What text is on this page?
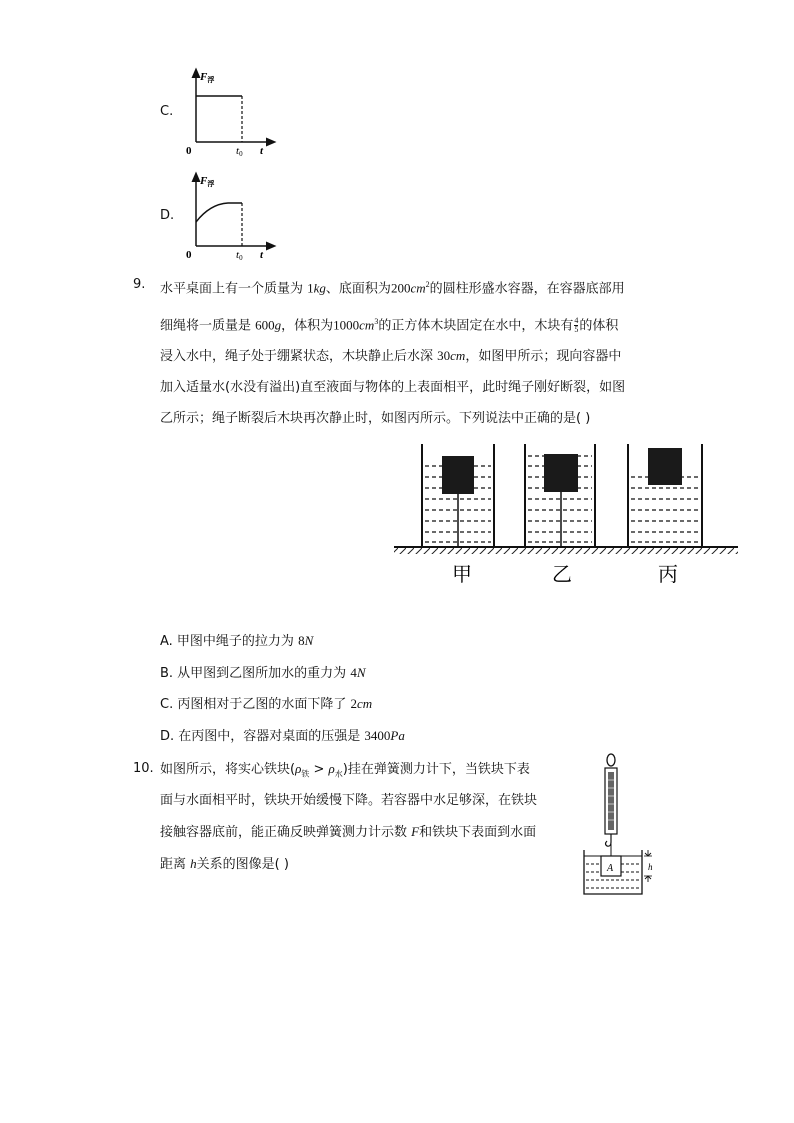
C.
F浮
0	t0 t
D.
F浮
0	t0 t
9. 水平桌面上有一个质量为 1kg、底面积为$200cm^2$的圆柱形盛水容器，在容器底部用
细绳将一质量是 600g，体积为$1000cm^3$的正方体木块固定在水中，木块有 $\frac{4}{5}$ 的体积
浸入水中，绳子处于绷紧状态，木块静止后水深 30cm，如图甲所示；现向容器中
加入适量水(水没有溢出)直至液面与物体的上表面相平，此时绳子刚好断裂，如图
乙所示；绳子断裂后木块再次静止时，如图丙所示。下列说法中正确的是( )
甲	乙	丙
A. 甲图中绳子的拉力为 8N
B. 从甲图到乙图所加水的重力为 4N
C. 丙图相对于乙图的水面下降了 2cm
D. 在丙图中，容器对桌面的压强是 3400Pa
10. 如图所示，将实心铁块$(\rho_铁 > \rho_水)$挂在弹簧测力计下，当铁块下表
面与水面相平时，铁块开始缓慢下降。若容器中水足够深，在铁块
接触容器底前，能正确反映弹簧测力计示数 F和铁块下表面到水面
距离 h关系的图像是( )	A	h
